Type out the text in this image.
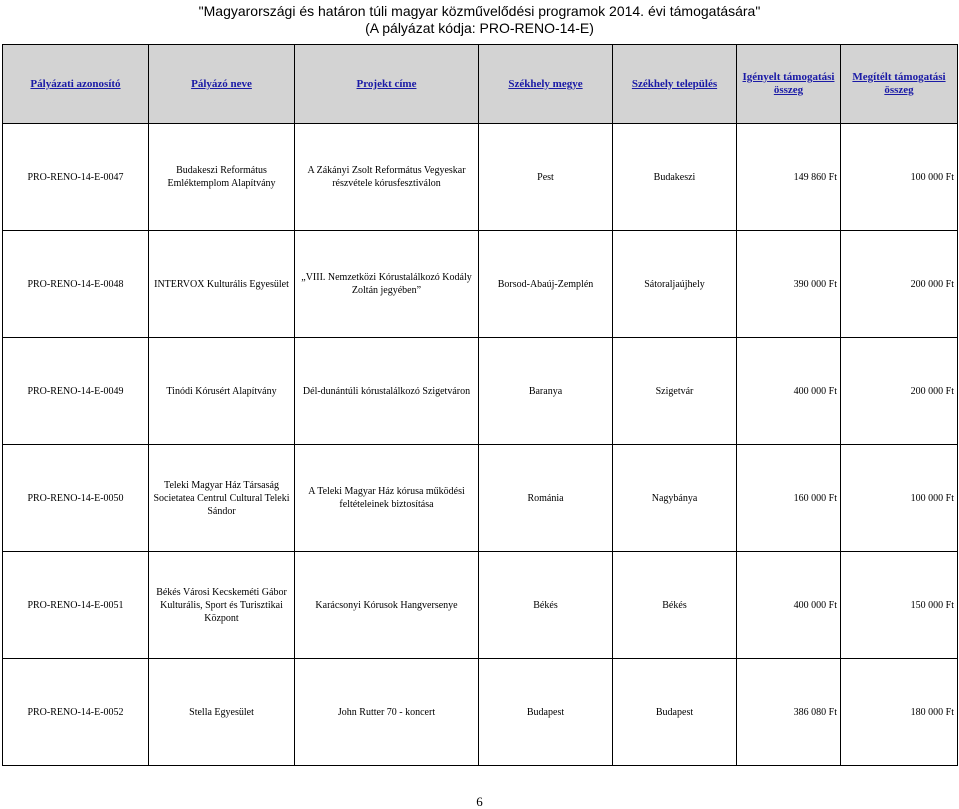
"Magyarországi és határon túli magyar közművelődési programok 2014. évi támogatására"
(A pályázat kódja: PRO-RENO-14-E)
Pályázati azonosító	Pályázó neve	Projekt címe	Székhely megye	Székhely település	Igényelt támogatási összeg	Megítélt támogatási összeg
PRO-RENO-14-E-0047	Budakeszi Református Emléktemplom Alapítvány	A Zákányi Zsolt Református Vegyeskar részvétele kórusfesztiválon	Pest	Budakeszi	149 860 Ft	100 000 Ft
PRO-RENO-14-E-0048	INTERVOX Kulturális Egyesület	„VIII. Nemzetközi Kórustalálkozó Kodály Zoltán jegyében”	Borsod-Abaúj-Zemplén	Sátoraljaújhely	390 000 Ft	200 000 Ft
PRO-RENO-14-E-0049	Tinódi Kórusért Alapítvány	Dél-dunántúli kórustalálkozó Szigetváron	Baranya	Szigetvár	400 000 Ft	200 000 Ft
PRO-RENO-14-E-0050	Teleki Magyar Ház Társaság Societatea Centrul Cultural Teleki Sándor	A Teleki Magyar Ház kórusa működési feltételeinek biztosítása	Románia	Nagybánya	160 000 Ft	100 000 Ft
PRO-RENO-14-E-0051	Békés Városi Kecskeméti Gábor Kulturális, Sport és Turisztikai Központ	Karácsonyi Kórusok Hangversenye	Békés	Békés	400 000 Ft	150 000 Ft
PRO-RENO-14-E-0052	Stella Egyesület	John Rutter 70 - koncert	Budapest	Budapest	386 080 Ft	180 000 Ft
6
